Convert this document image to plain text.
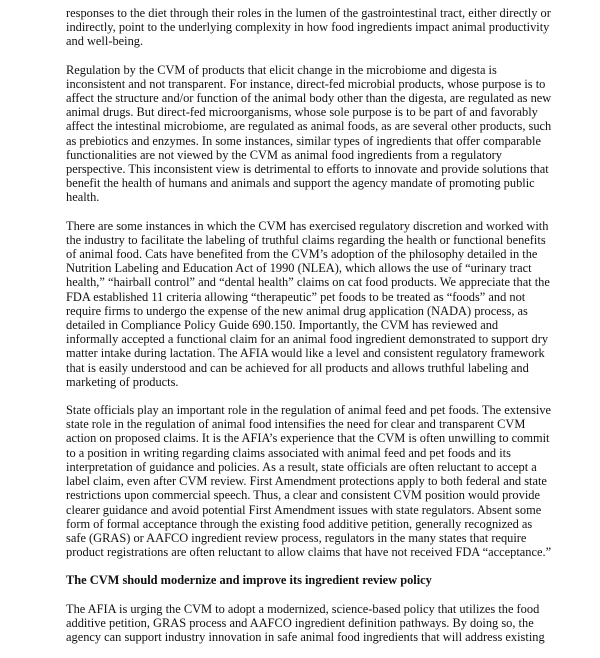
responses to the diet through their roles in the lumen of the gastrointestinal tract, either directly or indirectly, point to the underlying complexity in how food ingredients impact animal productivity and well-being.

Regulation by the CVM of products that elicit change in the microbiome and digesta is inconsistent and not transparent. For instance, direct-fed microbial products, whose purpose is to affect the structure and/or function of the animal body other than the digesta, are regulated as new animal drugs. But direct-fed microorganisms, whose sole purpose is to be part of and favorably affect the intestinal microbiome, are regulated as animal foods, as are several other products, such as prebiotics and enzymes. In some instances, similar types of ingredients that offer comparable functionalities are not viewed by the CVM as animal food ingredients from a regulatory perspective. This inconsistent view is detrimental to efforts to innovate and provide solutions that benefit the health of humans and animals and support the agency mandate of promoting public health.

There are some instances in which the CVM has exercised regulatory discretion and worked with the industry to facilitate the labeling of truthful claims regarding the health or functional benefits of animal food. Cats have benefited from the CVM’s adoption of the philosophy detailed in the Nutrition Labeling and Education Act of 1990 (NLEA), which allows the use of “urinary tract health,” “hairball control” and “dental health” claims on cat food products. We appreciate that the FDA established 11 criteria allowing “therapeutic” pet foods to be treated as “foods” and not require firms to undergo the expense of the new animal drug application (NADA) process, as detailed in Compliance Policy Guide 690.150. Importantly, the CVM has reviewed and informally accepted a functional claim for an animal food ingredient demonstrated to support dry matter intake during lactation. The AFIA would like a level and consistent regulatory framework that is easily understood and can be achieved for all products and allows truthful labeling and marketing of products.

State officials play an important role in the regulation of animal feed and pet foods. The extensive state role in the regulation of animal food intensifies the need for clear and transparent CVM action on proposed claims. It is the AFIA’s experience that the CVM is often unwilling to commit to a position in writing regarding claims associated with animal feed and pet foods and its interpretation of guidance and policies. As a result, state officials are often reluctant to accept a label claim, even after CVM review. First Amendment protections apply to both federal and state restrictions upon commercial speech. Thus, a clear and consistent CVM position would provide clearer guidance and avoid potential First Amendment issues with state regulators. Absent some form of formal acceptance through the existing food additive petition, generally recognized as safe (GRAS) or AAFCO ingredient review process, regulators in the many states that require product registrations are often reluctant to allow claims that have not received FDA “acceptance.”

The CVM should modernize and improve its ingredient review policy

The AFIA is urging the CVM to adopt a modernized, science-based policy that utilizes the food additive petition, GRAS process and AAFCO ingredient definition pathways. By doing so, the agency can support industry innovation in safe animal food ingredients that will address existing
